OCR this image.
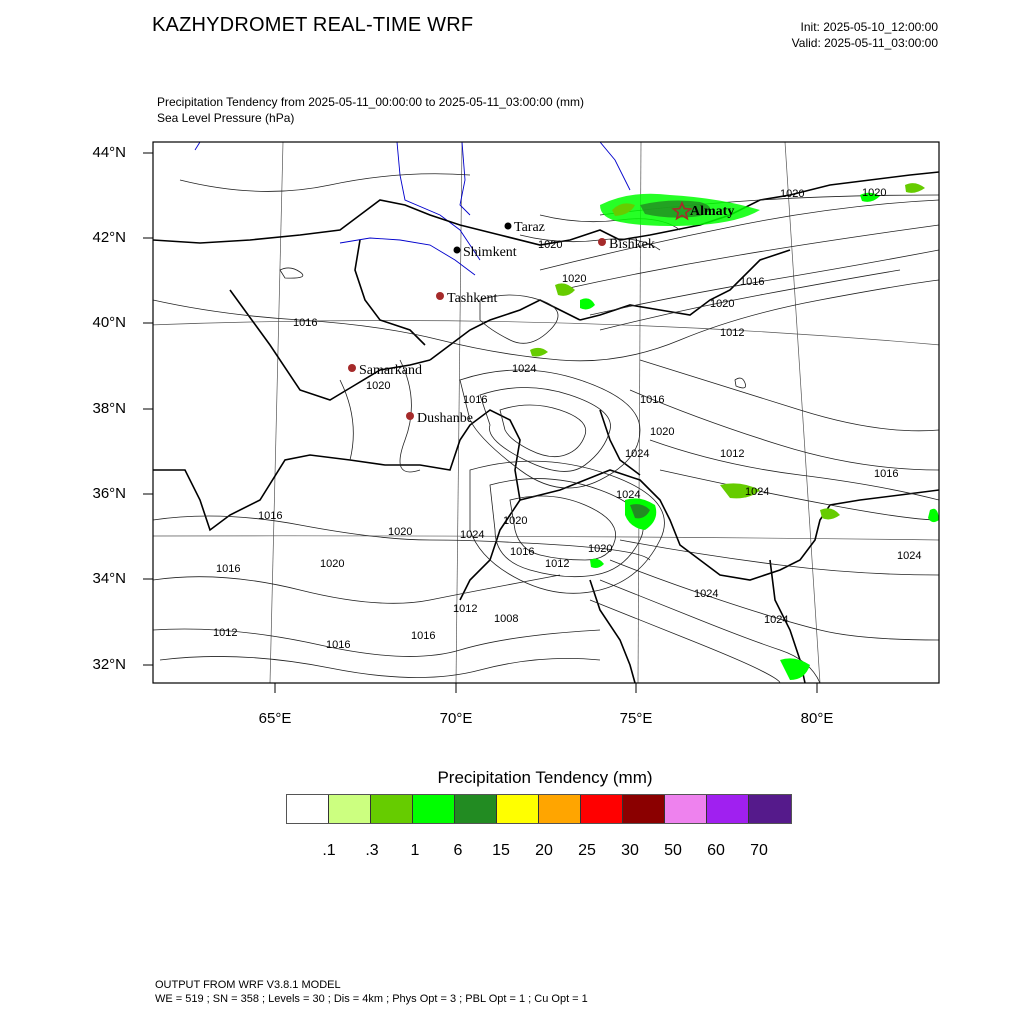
KAZHYDROMET REAL-TIME WRF	Init: 2025-05-10_12:00:00
Valid: 2025-05-11_03:00:00
Precipitation Tendency from 2025-05-11_00:00:00 to 2025-05-11_03:00:00 (mm)
Sea Level Pressure (hPa)
1020	1020
1020
1020	1016
1020
1012
1016
1024
1020
1016	1016
1020
1024	1012
1016
1024
1020
1024
1016
1020
1016
1012
1020
1024
1016	1020
1024
1012
1008	1024
1012	1016
1016
1024
Taraz
Shimkent
Bishkek
Almaty
Tashkent
Samarkand
Dushanbe
44°N
42°N
40°N
38°N
36°N
34°N
32°N
65°E	70°E	75°E	80°E
Precipitation Tendency (mm)
.1	.3	1	6	15	20	25	30	50	60	70
OUTPUT FROM WRF V3.8.1 MODEL
WE = 519 ; SN = 358 ; Levels = 30 ; Dis = 4km ; Phys Opt = 3 ; PBL Opt = 1 ; Cu Opt = 1
